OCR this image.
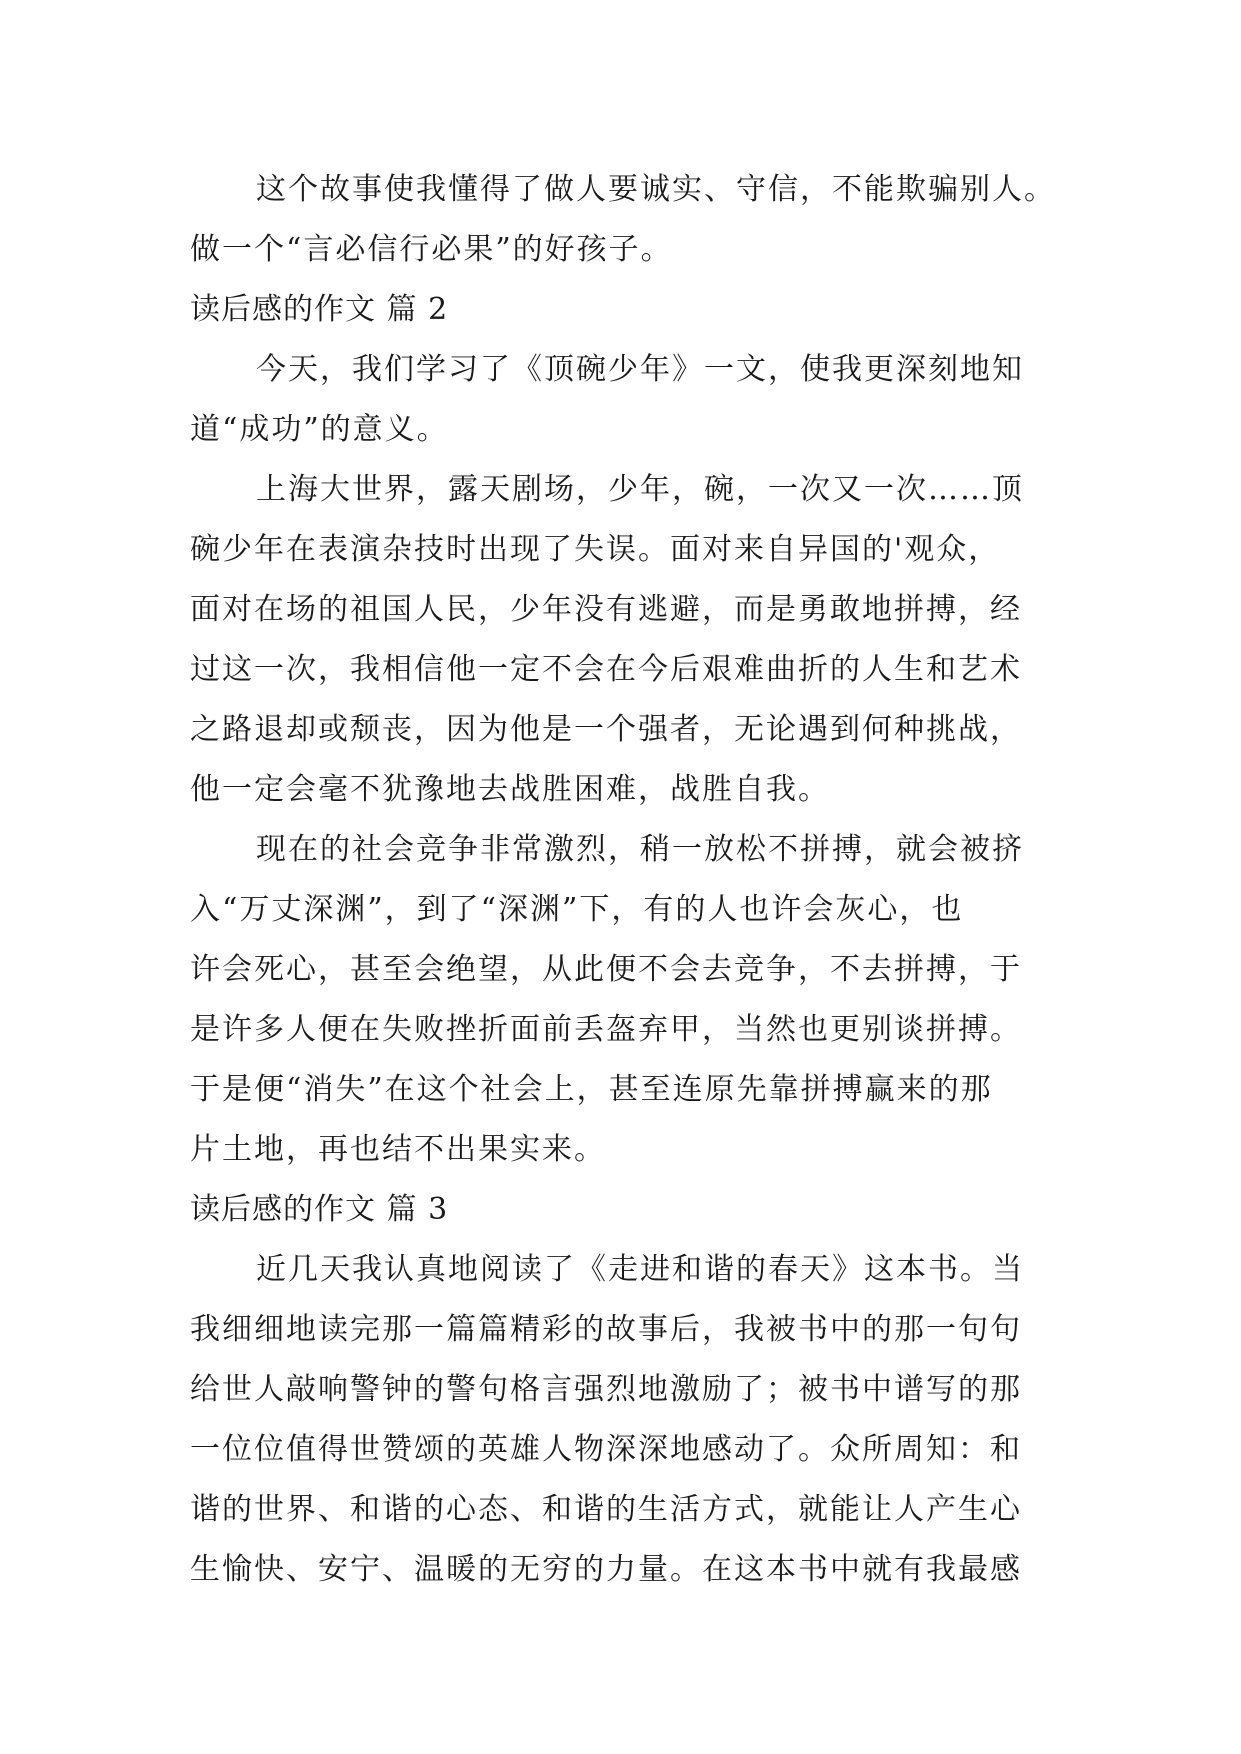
这个故事使我懂得了做人要诚实、守信，不能欺骗别人。
做一个“言必信行必果”的好孩子。
读后感的作文 篇 2
今天，我们学习了《顶碗少年》一文，使我更深刻地知
道“成功”的意义。
上海大世界，露天剧场，少年，碗，一次又一次……顶
碗少年在表演杂技时出现了失误。面对来自异国的'观众，
面对在场的祖国人民，少年没有逃避，而是勇敢地拼搏，经
过这一次，我相信他一定不会在今后艰难曲折的人生和艺术
之路退却或颓丧，因为他是一个强者，无论遇到何种挑战，
他一定会毫不犹豫地去战胜困难，战胜自我。
现在的社会竞争非常激烈，稍一放松不拼搏，就会被挤
入“万丈深渊”，到了“深渊”下，有的人也许会灰心，也
许会死心，甚至会绝望，从此便不会去竞争，不去拼搏，于
是许多人便在失败挫折面前丢盔弃甲，当然也更别谈拼搏。
于是便“消失”在这个社会上，甚至连原先靠拼搏赢来的那
片土地，再也结不出果实来。
读后感的作文 篇 3
近几天我认真地阅读了《走进和谐的春天》这本书。当
我细细地读完那一篇篇精彩的故事后，我被书中的那一句句
给世人敲响警钟的警句格言强烈地激励了；被书中谱写的那
一位位值得世赞颂的英雄人物深深地感动了。众所周知：和
谐的世界、和谐的心态、和谐的生活方式，就能让人产生心
生愉快、安宁、温暖的无穷的力量。在这本书中就有我最感
